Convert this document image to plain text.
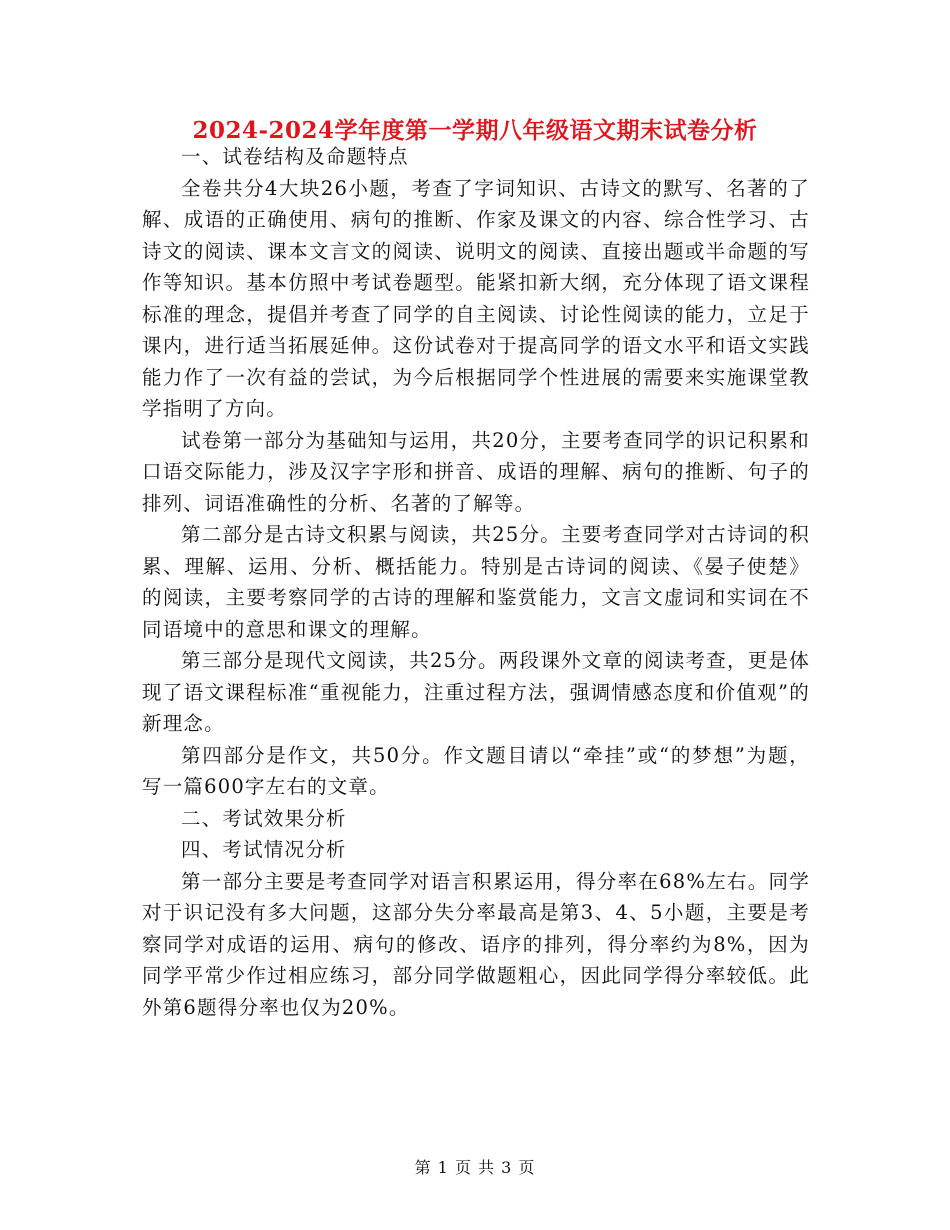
2024-2024学年度第一学期八年级语文期末试卷分析

一、试卷结构及命题特点

全卷共分4大块26小题，考查了字词知识、古诗文的默写、名著的了解、成语的正确使用、病句的推断、作家及课文的内容、综合性学习、古诗文的阅读、课本文言文的阅读、说明文的阅读、直接出题或半命题的写作等知识。基本仿照中考试卷题型。能紧扣新大纲，充分体现了语文课程标准的理念，提倡并考查了同学的自主阅读、讨论性阅读的能力，立足于课内，进行适当拓展延伸。这份试卷对于提高同学的语文水平和语文实践能力作了一次有益的尝试，为今后根据同学个性进展的需要来实施课堂教学指明了方向。

试卷第一部分为基础知与运用，共20分，主要考查同学的识记积累和口语交际能力，涉及汉字字形和拼音、成语的理解、病句的推断、句子的排列、词语准确性的分析、名著的了解等。

第二部分是古诗文积累与阅读，共25分。主要考查同学对古诗词的积累、理解、运用、分析、概括能力。特别是古诗词的阅读、《晏子使楚》的阅读，主要考察同学的古诗的理解和鉴赏能力，文言文虚词和实词在不同语境中的意思和课文的理解。

第三部分是现代文阅读，共25分。两段课外文章的阅读考查，更是体现了语文课程标准“重视能力，注重过程方法，强调情感态度和价值观”的新理念。

第四部分是作文，共50分。作文题目请以“牵挂”或“的梦想”为题，写一篇600字左右的文章。

二、考试效果分析

四、考试情况分析

第一部分主要是考查同学对语言积累运用，得分率在68%左右。同学对于识记没有多大问题，这部分失分率最高是第3、4、5小题，主要是考察同学对成语的运用、病句的修改、语序的排列，得分率约为8%，因为同学平常少作过相应练习，部分同学做题粗心，因此同学得分率较低。此外第6题得分率也仅为20%。

第 1 页 共 3 页
